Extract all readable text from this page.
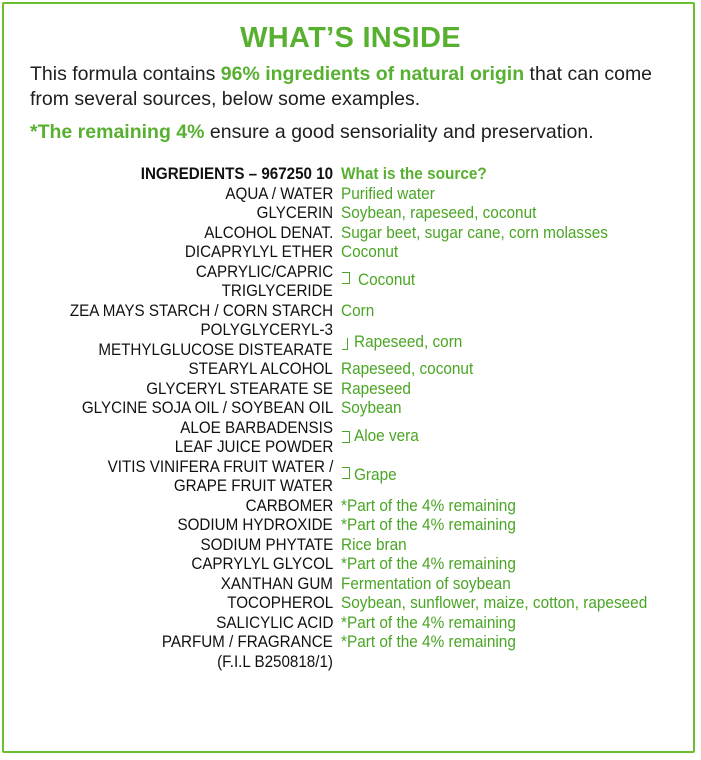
WHAT’S INSIDE
This formula contains 96% ingredients of natural origin that can come from several sources, below some examples.
*The remaining 4% ensure a good sensoriality and preservation.
INGREDIENTS – 967250 10 What is the source?
AQUA / WATER Purified water
GLYCERIN Soybean, rapeseed, coconut
ALCOHOL DENAT. Sugar beet, sugar cane, corn molasses
DICAPRYLYL ETHER Coconut
CAPRYLIC/CAPRIC
TRIGLYCERIDE
Coconut
ZEA MAYS STARCH / CORN STARCH Corn
POLYGLYCERYL-3
METHYLGLUCOSE DISTEARATE Rapeseed, corn
STEARYL ALCOHOL Rapeseed, coconut
GLYCERYL STEARATE SE Rapeseed
GLYCINE SOJA OIL / SOYBEAN OIL Soybean
ALOE BARBADENSIS
LEAF JUICE POWDER
Aloe vera
VITIS VINIFERA FRUIT WATER /
GRAPE FRUIT WATER
Grape
CARBOMER *Part of the 4% remaining
SODIUM HYDROXIDE *Part of the 4% remaining
SODIUM PHYTATE Rice bran
CAPRYLYL GLYCOL *Part of the 4% remaining
XANTHAN GUM Fermentation of soybean
TOCOPHEROL Soybean, sunflower, maize, cotton, rapeseed
SALICYLIC ACID *Part of the 4% remaining
PARFUM / FRAGRANCE *Part of the 4% remaining
(F.I.L B250818/1)
